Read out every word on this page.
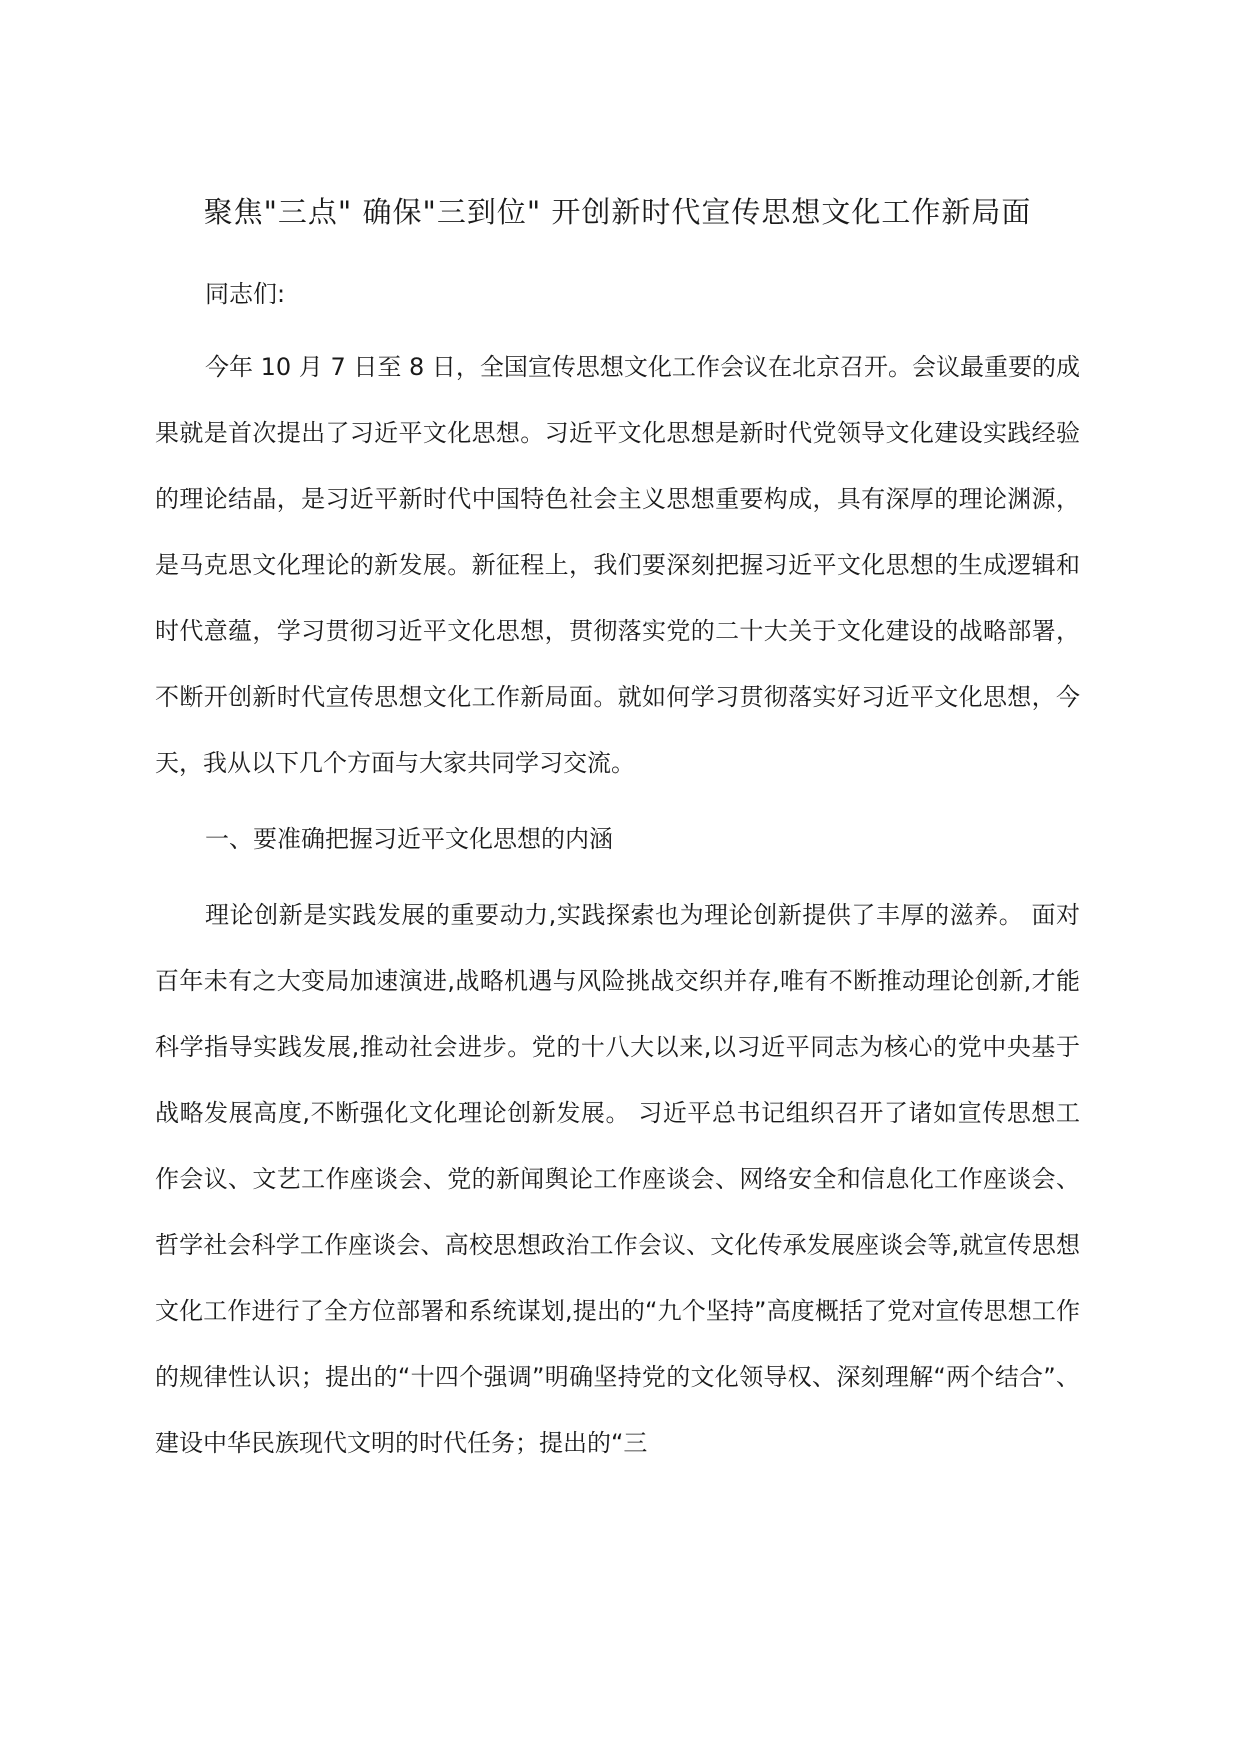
聚焦"三点" 确保"三到位" 开创新时代宣传思想文化工作新局面

同志们:

今年 10 月 7 日至 8 日，全国宣传思想文化工作会议在北京召开。会议最重要的成果就是首次提出了习近平文化思想。习近平文化思想是新时代党领导文化建设实践经验的理论结晶，是习近平新时代中国特色社会主义思想重要构成，具有深厚的理论渊源，是马克思文化理论的新发展。新征程上，我们要深刻把握习近平文化思想的生成逻辑和时代意蕴，学习贯彻习近平文化思想，贯彻落实党的二十大关于文化建设的战略部署，不断开创新时代宣传思想文化工作新局面。就如何学习贯彻落实好习近平文化思想，今天，我从以下几个方面与大家共同学习交流。

一、要准确把握习近平文化思想的内涵

理论创新是实践发展的重要动力,实践探索也为理论创新提供了丰厚的滋养。 面对百年未有之大变局加速演进,战略机遇与风险挑战交织并存,唯有不断推动理论创新,才能科学指导实践发展,推动社会进步。党的十八大以来,以习近平同志为核心的党中央基于战略发展高度,不断强化文化理论创新发展。 习近平总书记组织召开了诸如宣传思想工作会议、文艺工作座谈会、党的新闻舆论工作座谈会、网络安全和信息化工作座谈会、哲学社会科学工作座谈会、高校思想政治工作会议、文化传承发展座谈会等,就宣传思想文化工作进行了全方位部署和系统谋划,提出的“九个坚持”高度概括了党对宣传思想工作的规律性认识；提出的“十四个强调”明确坚持党的文化领导权、深刻理解“两个结合”、建设中华民族现代文明的时代任务；提出的“三
